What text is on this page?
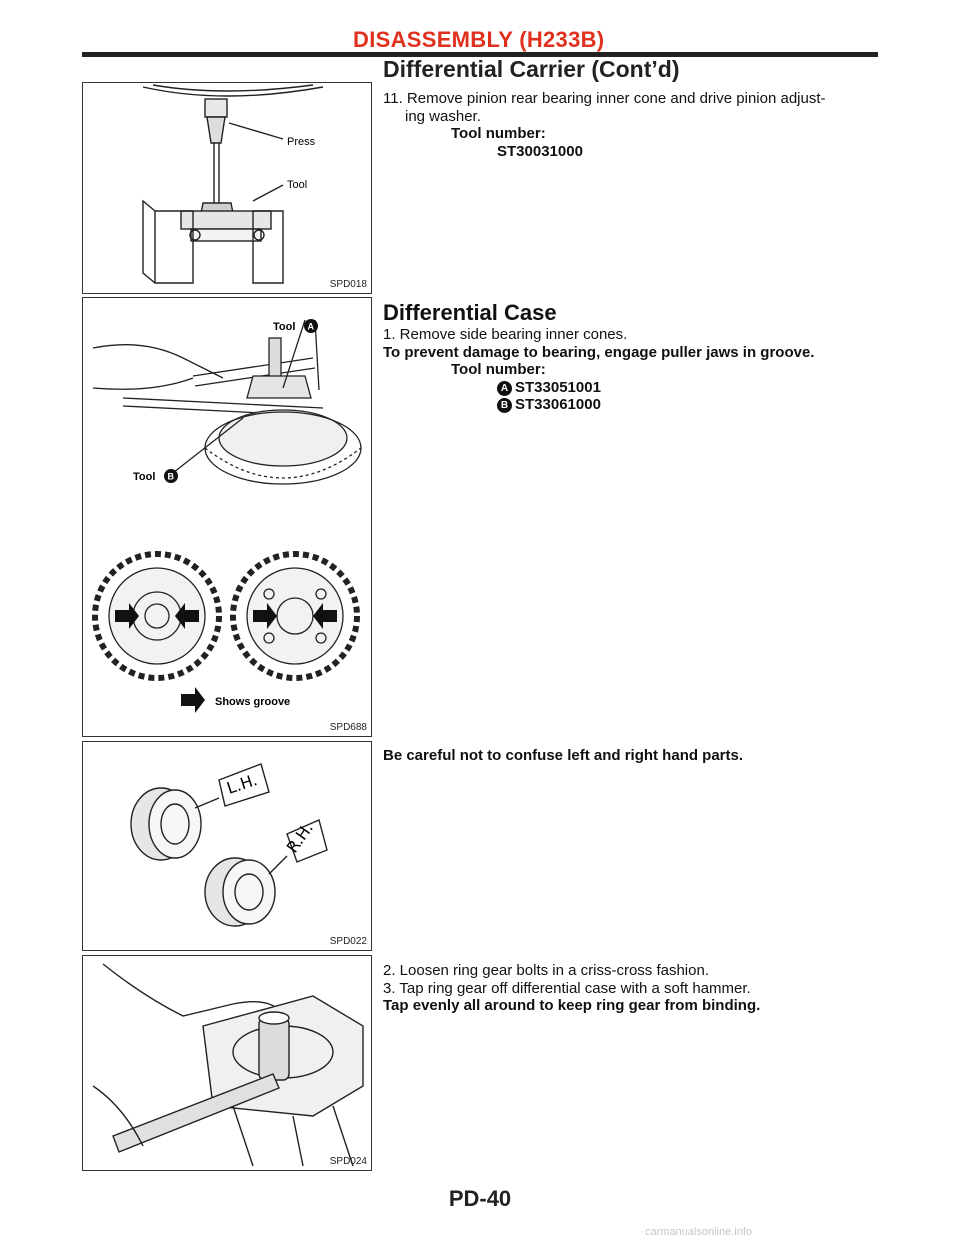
DISASSEMBLY (H233B)
Differential Carrier (Cont’d)
Press
Tool
SPD018

11. Remove pinion rear bearing inner cone and drive pinion adjust-

ing washer.

Tool number:

ST30031000

Tool A
Tool B
Shows groove
SPD688

Differential Case

1. Remove side bearing inner cones.

To prevent damage to bearing, engage puller jaws in groove.

Tool number:

A ST33051001

B ST33061000

L.H.
R.H.
SPD022
Be careful not to confuse left and right hand parts.
SPD024

2. Loosen ring gear bolts in a criss-cross fashion.

3. Tap ring gear off differential case with a soft hammer.

Tap evenly all around to keep ring gear from binding.

PD-40
carmanualsonline.info
